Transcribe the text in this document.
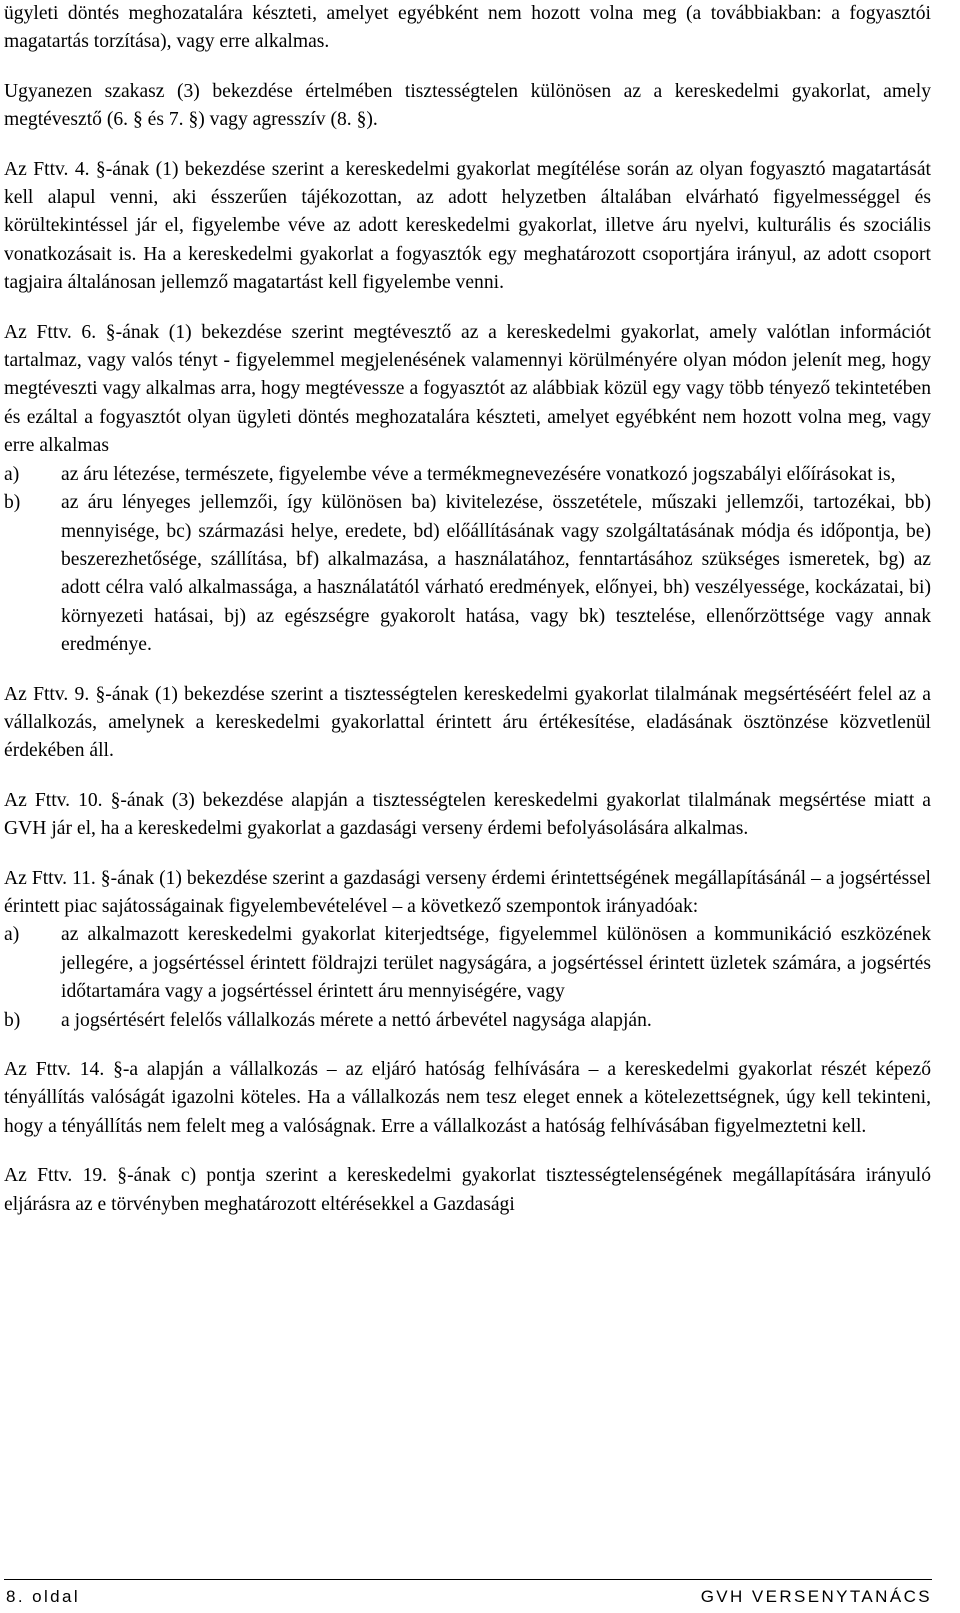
ügyleti döntés meghozatalára készteti, amelyet egyébként nem hozott volna meg (a továbbiakban: a fogyasztói magatartás torzítása), vagy erre alkalmas.

Ugyanezen szakasz (3) bekezdése értelmében tisztességtelen különösen az a kereskedelmi gyakorlat, amely megtévesztő (6. § és 7. §) vagy agresszív (8. §).

Az Fttv. 4. §-ának (1) bekezdése szerint a kereskedelmi gyakorlat megítélése során az olyan fogyasztó magatartását kell alapul venni, aki ésszerűen tájékozottan, az adott helyzetben általában elvárható figyelmességgel és körültekintéssel jár el, figyelembe véve az adott kereskedelmi gyakorlat, illetve áru nyelvi, kulturális és szociális vonatkozásait is. Ha a kereskedelmi gyakorlat a fogyasztók egy meghatározott csoportjára irányul, az adott csoport tagjaira általánosan jellemző magatartást kell figyelembe venni.

Az Fttv. 6. §-ának (1) bekezdése szerint megtévesztő az a kereskedelmi gyakorlat, amely valótlan információt tartalmaz, vagy valós tényt - figyelemmel megjelenésének valamennyi körülményére olyan módon jelenít meg, hogy megtéveszti vagy alkalmas arra, hogy megtévessze a fogyasztót az alábbiak közül egy vagy több tényező tekintetében és ezáltal a fogyasztót olyan ügyleti döntés meghozatalára készteti, amelyet egyébként nem hozott volna meg, vagy erre alkalmas

a) az áru létezése, természete, figyelembe véve a termékmegnevezésére vonatkozó jogszabályi előírásokat is,
b) az áru lényeges jellemzői, így különösen ba) kivitelezése, összetétele, műszaki jellemzői, tartozékai, bb) mennyisége, bc) származási helye, eredete, bd) előállításának vagy szolgáltatásának módja és időpontja, be) beszerezhetősége, szállítása, bf) alkalmazása, a használatához, fenntartásához szükséges ismeretek, bg) az adott célra való alkalmassága, a használatától várható eredmények, előnyei, bh) veszélyessége, kockázatai, bi) környezeti hatásai, bj) az egészségre gyakorolt hatása, vagy bk) tesztelése, ellenőrzöttsége vagy annak eredménye.

Az Fttv. 9. §-ának (1) bekezdése szerint a tisztességtelen kereskedelmi gyakorlat tilalmának megsértéséért felel az a vállalkozás, amelynek a kereskedelmi gyakorlattal érintett áru értékesítése, eladásának ösztönzése közvetlenül érdekében áll.

Az Fttv. 10. §-ának (3) bekezdése alapján a tisztességtelen kereskedelmi gyakorlat tilalmának megsértése miatt a GVH jár el, ha a kereskedelmi gyakorlat a gazdasági verseny érdemi befolyásolására alkalmas.

Az Fttv. 11. §-ának (1) bekezdése szerint a gazdasági verseny érdemi érintettségének megállapításánál – a jogsértéssel érintett piac sajátosságainak figyelembevételével – a következő szempontok irányadóak:

a) az alkalmazott kereskedelmi gyakorlat kiterjedtsége, figyelemmel különösen a kommunikáció eszközének jellegére, a jogsértéssel érintett földrajzi terület nagyságára, a jogsértéssel érintett üzletek számára, a jogsértés időtartamára vagy a jogsértéssel érintett áru mennyiségére, vagy
b) a jogsértésért felelős vállalkozás mérete a nettó árbevétel nagysága alapján.

Az Fttv. 14. §-a alapján a vállalkozás – az eljáró hatóság felhívására – a kereskedelmi gyakorlat részét képező tényállítás valóságát igazolni köteles. Ha a vállalkozás nem tesz eleget ennek a kötelezettségnek, úgy kell tekinteni, hogy a tényállítás nem felelt meg a valóságnak. Erre a vállalkozást a hatóság felhívásában figyelmeztetni kell.

Az Fttv. 19. §-ának c) pontja szerint a kereskedelmi gyakorlat tisztességtelenségének megállapítására irányuló eljárásra az e törvényben meghatározott eltérésekkel a Gazdasági

8. oldal	GVH VERSENYTANÁCS
